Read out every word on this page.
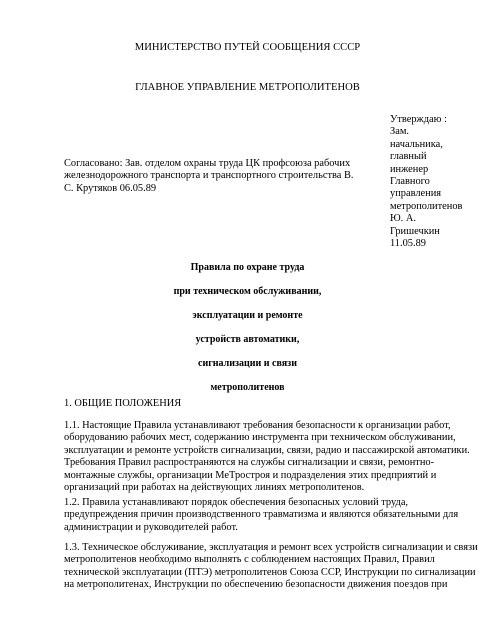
МИНИСТЕРСТВО ПУТЕЙ СООБЩЕНИЯ СССР
ГЛАВНОЕ УПРАВЛЕНИЕ МЕТРОПОЛИТЕНОВ
Утверждаю :
Зам.
начальника,
главный
инженер
Главного
управления
метрополитенов
Ю. А.
Гришечкин
11.05.89
Согласовано: Зав. отделом охраны труда ЦК профсоюза рабочих железнодорожного транспорта и транспортного строительства В. С. Крутяков 06.05.89
Правила по охране труда
при техническом обслуживании,
эксплуатации и ремонте
устройств автоматики,
сигнализации и связи
метрополитенов
1. ОБЩИЕ ПОЛОЖЕНИЯ
1.1. Настоящие Правила устанавливают требования безопасности к организации работ,
оборудованию рабочих мест, содержанию инструмента при техническом обслуживании,
эксплуатации и ремонте устройств сигнализации, связи, радио и пассажирской автоматики.
Требования Правил распространяются на службы сигнализации и связи, ремонтно-
монтажные службы, организации МеТрострoя и подразделения этих предприятий и
организаций при работах на действующих линиях метрополитенов.
1.2. Правила устанавливают порядок обеспечения безопасных условий труда,
предупреждения причин производственного травматизма и являются обязательными для
администрации и руководителей работ.
1.3. Техническое обслуживание, эксплуатация и ремонт всех устройств сигнализации и связи
метрополитенов необходимо выполнять с соблюдением настоящих Правил, Правил
технической эксплуатации (ПТЭ) метрополитенов Союза ССР, Инструкции по сигнализации
на метрополитенах, Инструкции по обеспечению безопасности движения поездов при
